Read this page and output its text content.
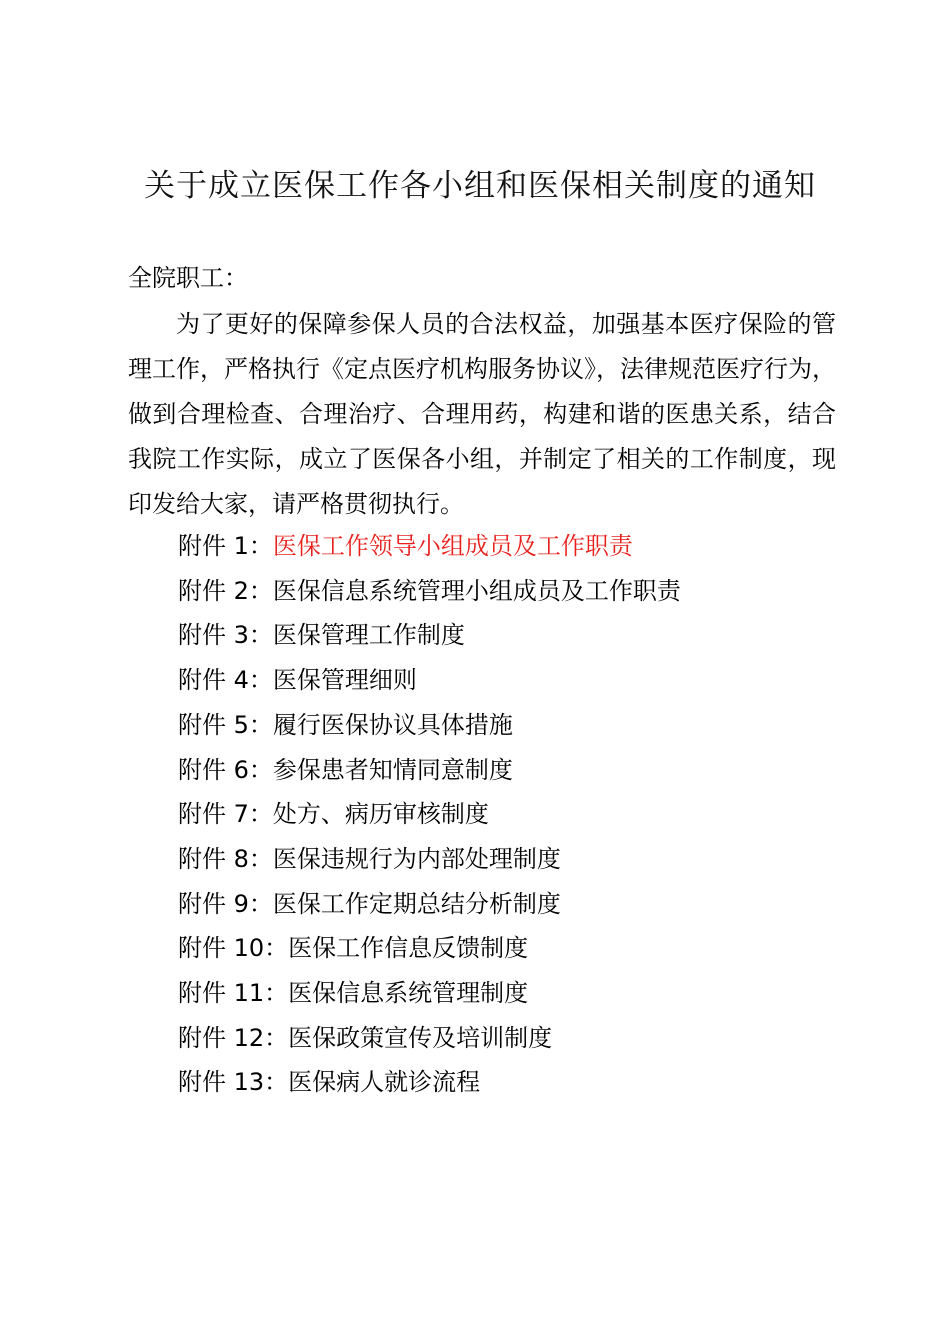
关于成立医保工作各小组和医保相关制度的通知
全院职工：

为了更好的保障参保人员的合法权益，加强基本医疗保险的管理工作，严格执行《定点医疗机构服务协议》，法律规范医疗行为，做到合理检查、合理治疗、合理用药，构建和谐的医患关系，结合我院工作实际，成立了医保各小组，并制定了相关的工作制度，现印发给大家，请严格贯彻执行。

附件 1：医保工作领导小组成员及工作职责
附件 2：医保信息系统管理小组成员及工作职责
附件 3：医保管理工作制度
附件 4：医保管理细则
附件 5：履行医保协议具体措施
附件 6：参保患者知情同意制度
附件 7：处方、病历审核制度
附件 8：医保违规行为内部处理制度
附件 9：医保工作定期总结分析制度
附件 10：医保工作信息反馈制度
附件 11：医保信息系统管理制度
附件 12：医保政策宣传及培训制度
附件 13：医保病人就诊流程
